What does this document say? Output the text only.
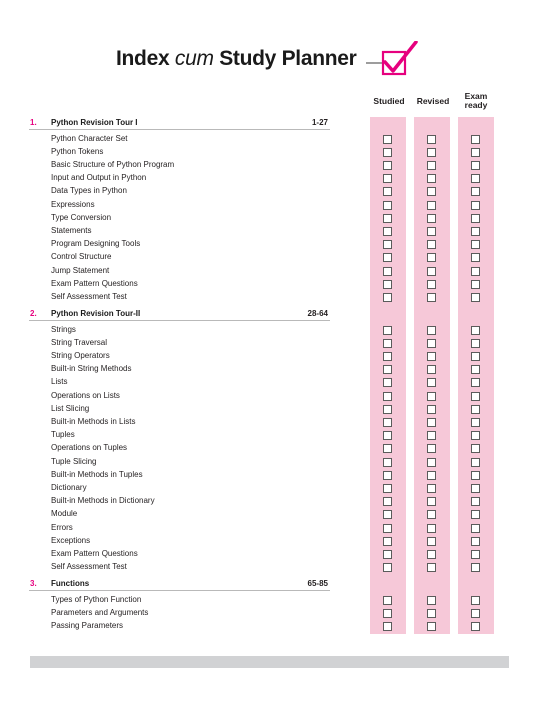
Index cum Study Planner
Studied	Revised	Exam
ready
1. Python Revision Tour I	1-27
Python Character Set
Python Tokens
Basic Structure of Python Program
Input and Output in Python
Data Types in Python
Expressions
Type Conversion
Statements
Program Designing Tools
Control Structure
Jump Statement
Exam Pattern Questions
Self Assessment Test
2. Python Revision Tour-II	28-64
Strings
String Traversal
String Operators
Built-in String Methods
Lists
Operations on Lists
List Slicing
Built-in Methods in Lists
Tuples
Operations on Tuples
Tuple Slicing
Built-in Methods in Tuples
Dictionary
Built-in Methods in Dictionary
Module
Errors
Exceptions
Exam Pattern Questions
Self Assessment Test
3. Functions	65-85
Types of Python Function
Parameters and Arguments
Passing Parameters
